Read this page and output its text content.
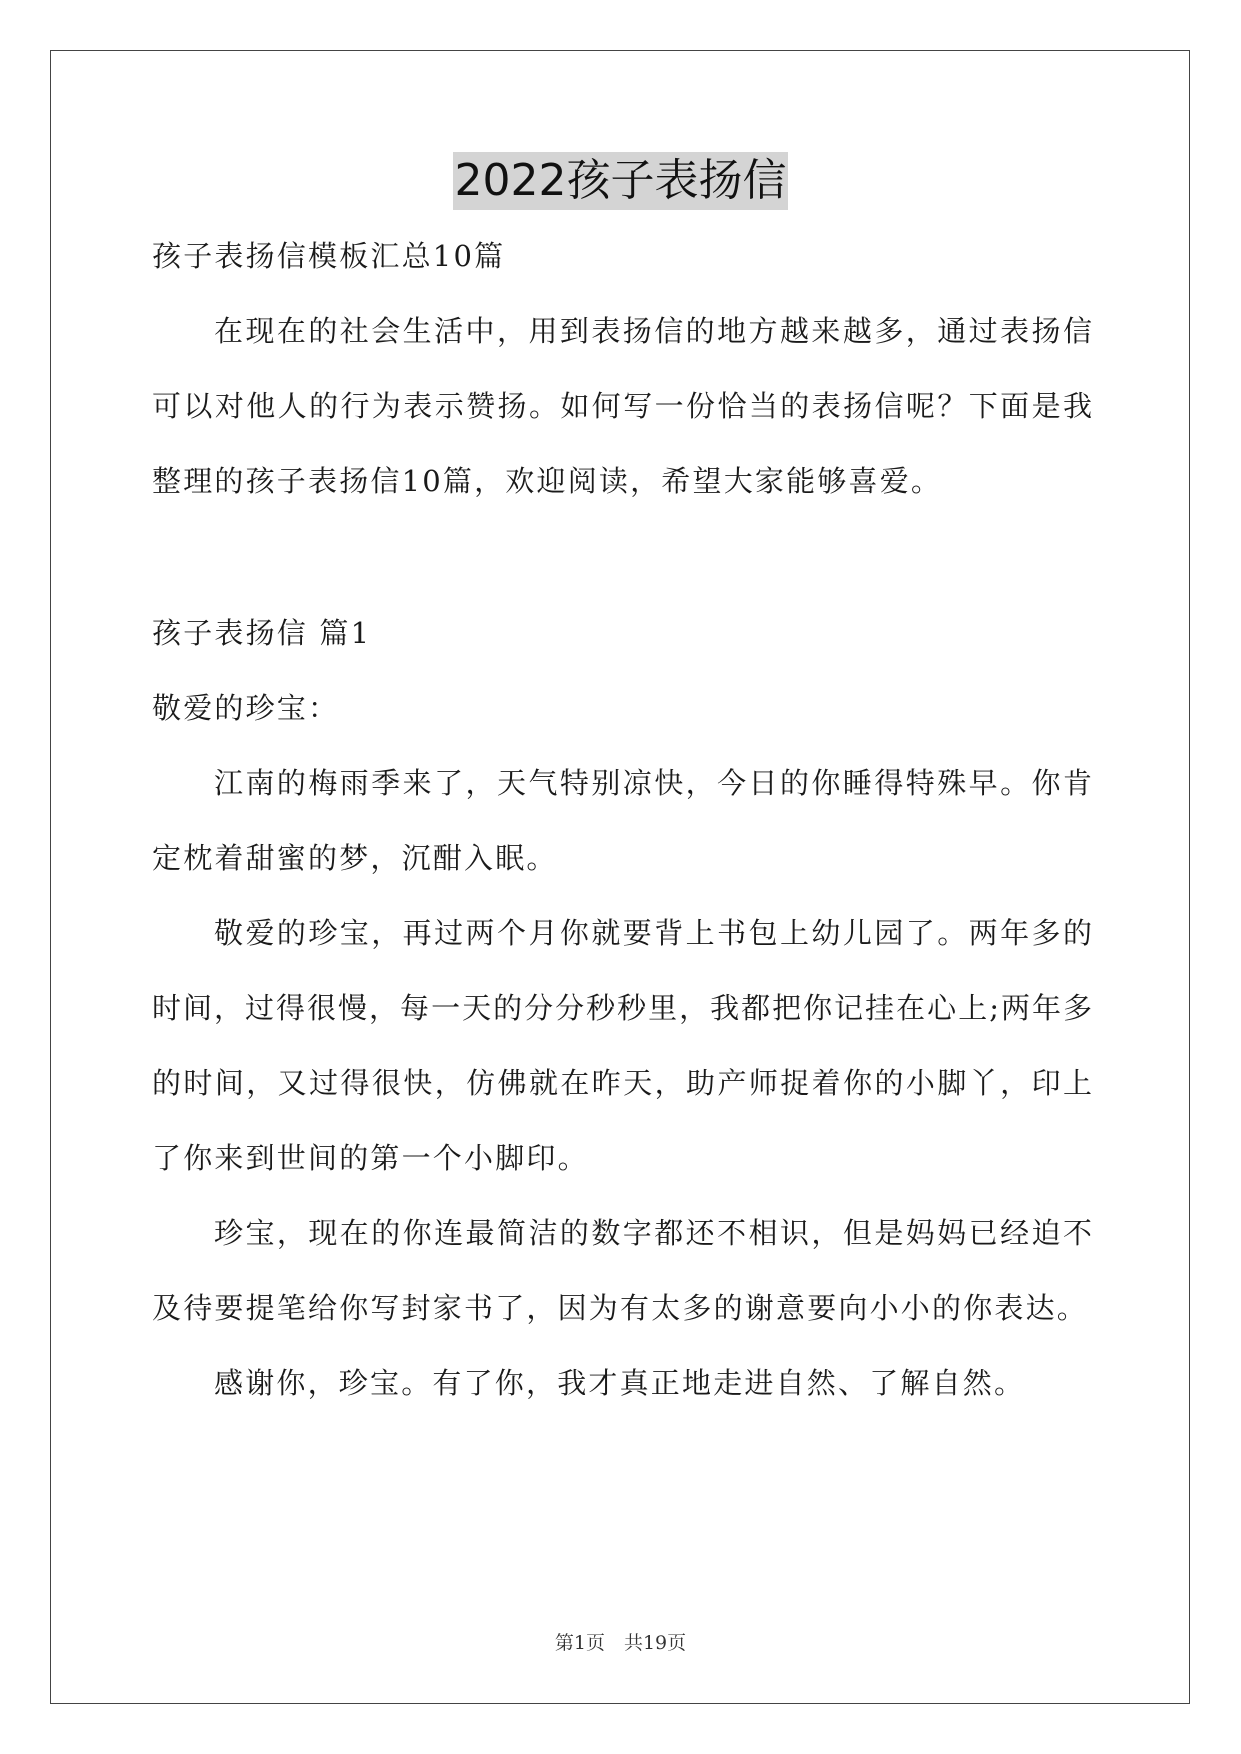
2022孩子表扬信
孩子表扬信模板汇总10篇
在现在的社会生活中，用到表扬信的地方越来越多，通过表扬信
可以对他人的行为表示赞扬。如何写一份恰当的表扬信呢？下面是我
整理的孩子表扬信10篇，欢迎阅读，希望大家能够喜爱。
孩子表扬信 篇1
敬爱的珍宝：
江南的梅雨季来了，天气特别凉快，今日的你睡得特殊早。你肯
定枕着甜蜜的梦，沉酣入眠。
敬爱的珍宝，再过两个月你就要背上书包上幼儿园了。两年多的
时间，过得很慢，每一天的分分秒秒里，我都把你记挂在心上;两年多
的时间，又过得很快，仿佛就在昨天，助产师捉着你的小脚丫，印上
了你来到世间的第一个小脚印。
珍宝，现在的你连最简洁的数字都还不相识，但是妈妈已经迫不
及待要提笔给你写封家书了，因为有太多的谢意要向小小的你表达。
感谢你，珍宝。有了你，我才真正地走进自然、了解自然。
第1页　共19页
